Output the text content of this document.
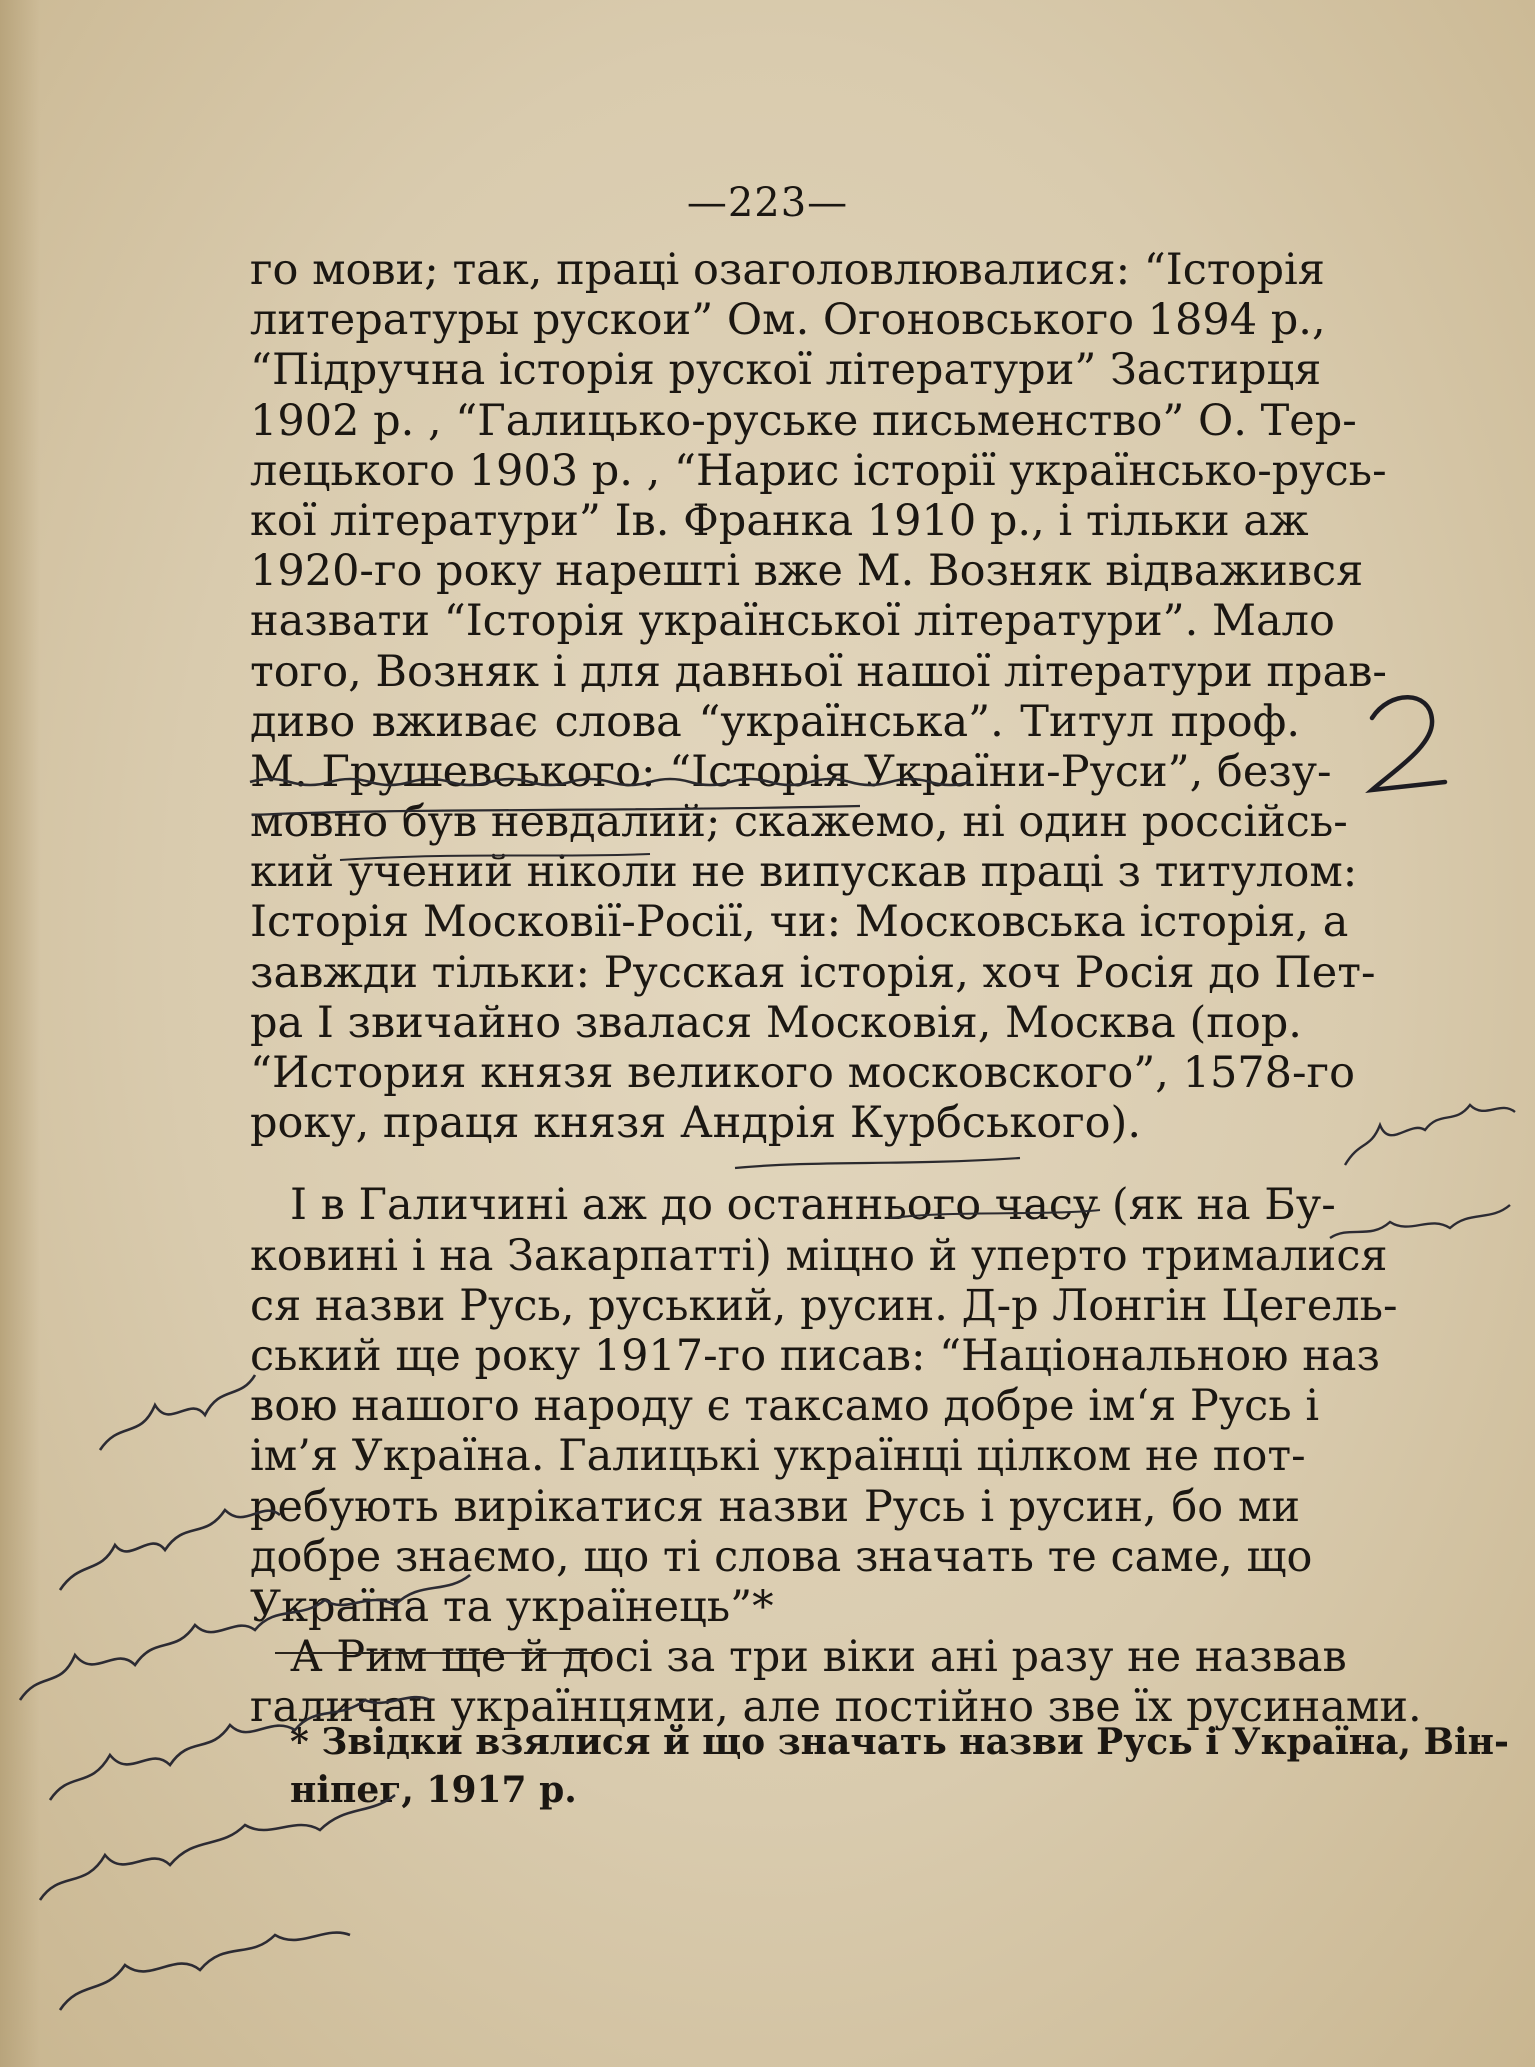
—223—
го мови; так, праці озаголовлювалися: “Історія
литературы рускои” Ом. Огоновського 1894 р.,
“Підручна історія рускої літератури” Застирця
1902 р. , “Галицько-руське письменство” О. Тер-
лецького 1903 р. , “Нарис історії українсько-русь-
кої літератури” Ів. Франка 1910 р., і тільки аж
1920-го року нарешті вже М. Возняк відважився
назвати “Історія української літератури”. Мало
того, Возняк і для давньої нашої літератури прав-
диво вживає слова “українська”. Титул проф.
М. Грушевського: “Історія України-Руси”, безу-
мовно був невдалий; скажемо, ні один россійсь-
кий учений ніколи не випускав праці з титулом:
Історія Московії-Росії, чи: Московська історія, а
завжди тільки: Русская історія, хоч Росія до Пет-
ра І звичайно звалася Московія, Москва (пор.
“История князя великого московского”, 1578-го
року, праця князя Андрія Курбського).
І в Галичині аж до останнього часу (як на Бу-
ковині і на Закарпатті) міцно й уперто трималися
ся назви Русь, руський, русин. Д-р Лонгін Цегель-
ський ще року 1917-го писав: “Національною наз
вою нашого народу є таксамо добре ім‘я Русь і
ім’я Україна. Галицькі українці цілком не пот-
ребують вирікатися назви Русь і русин, бо ми
добре знаємо, що ті слова значать те саме, що
Україна та українець”*
А Рим ще й досі за три віки ані разу не назвав
галичан українцями, але постійно зве їх русинами.
* Звідки взялися й що значать назви Русь і Україна, Він-
ніпег, 1917 р.
